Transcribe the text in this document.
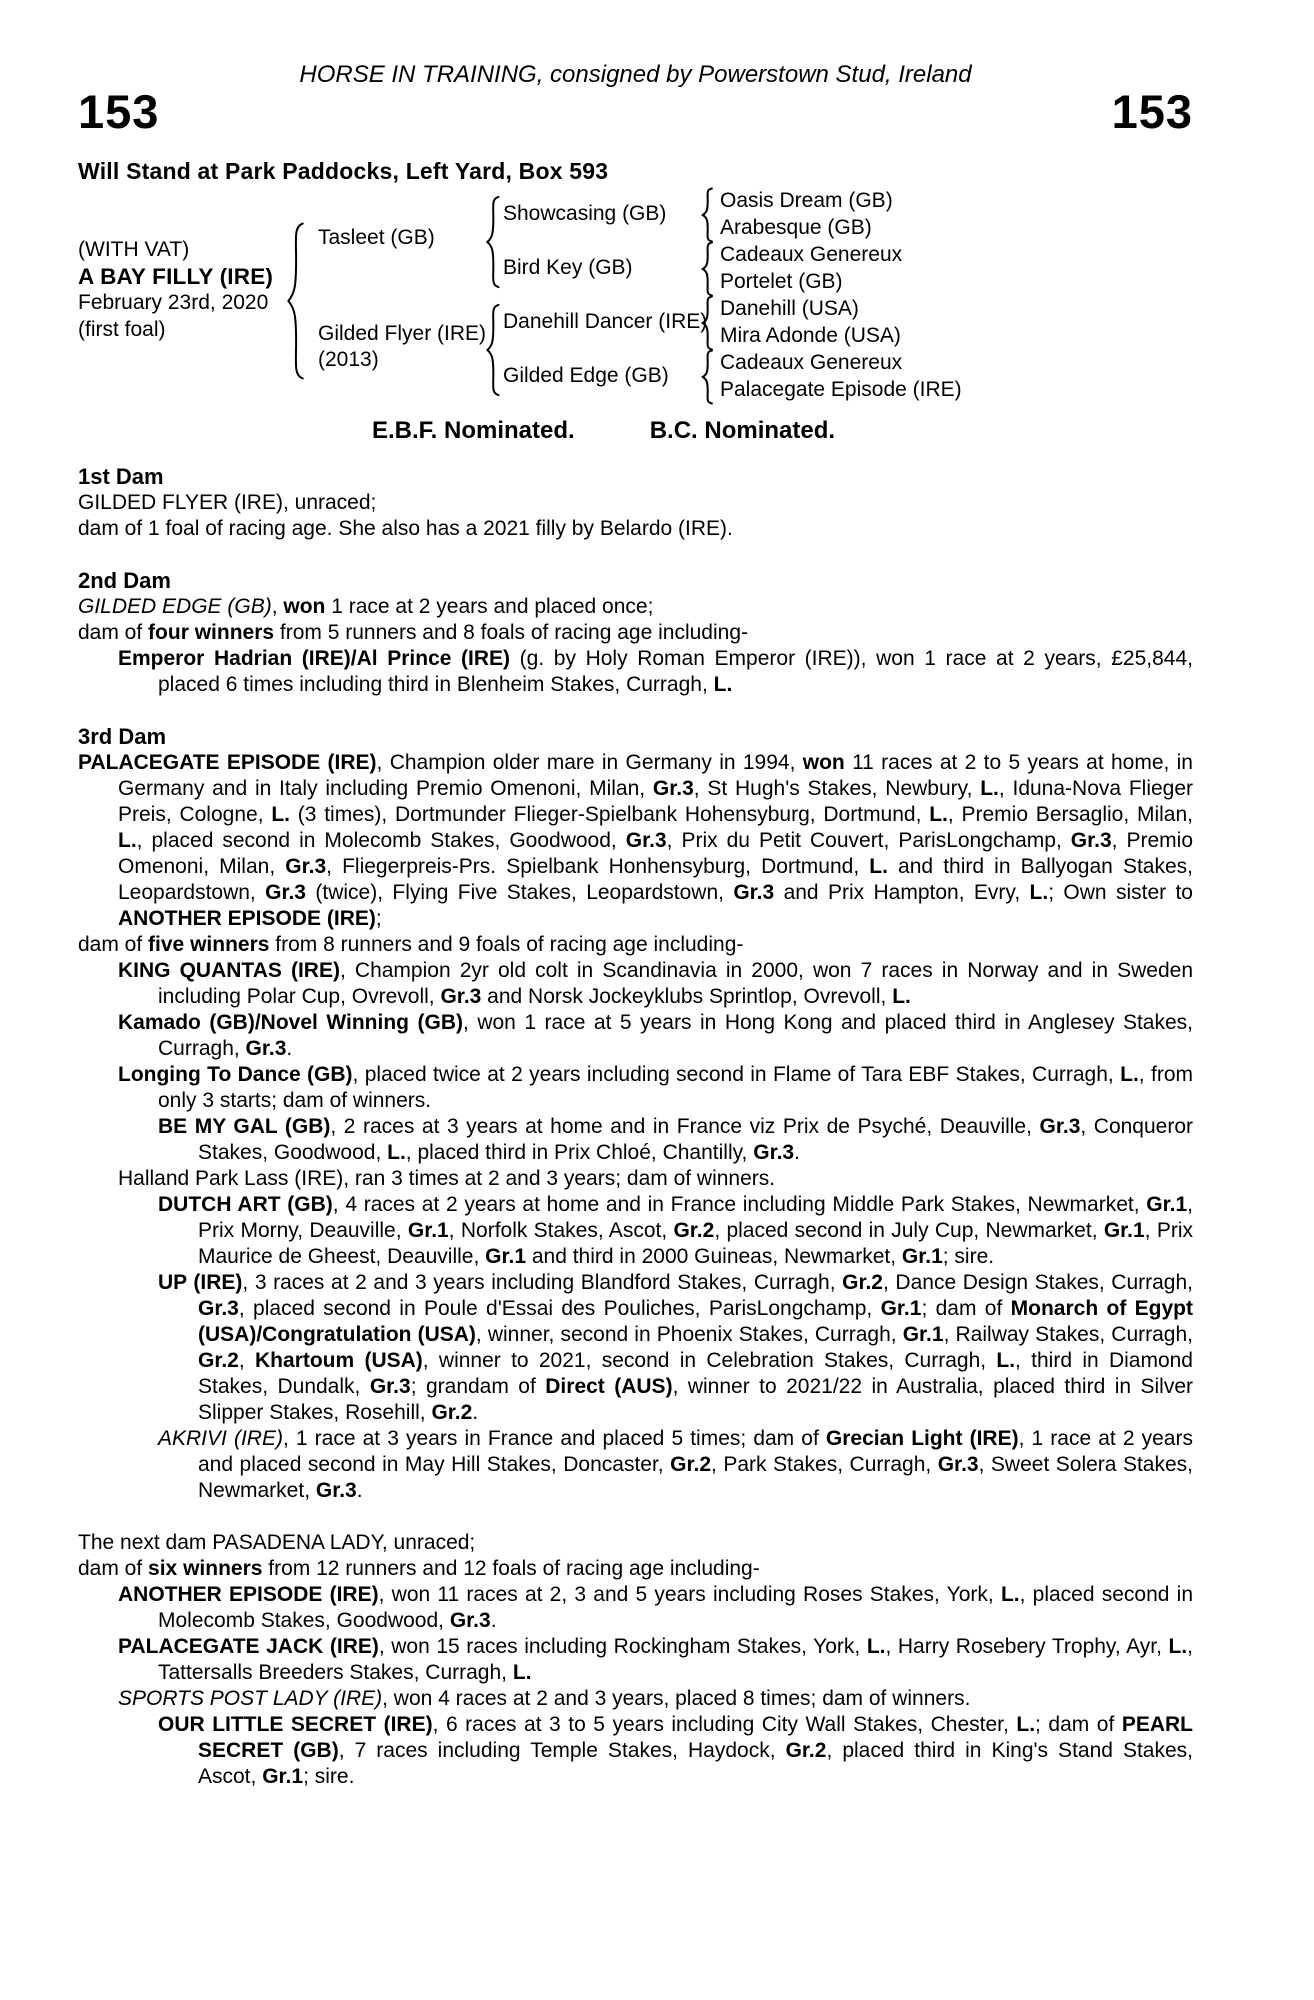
HORSE IN TRAINING, consigned by Powerstown Stud, Ireland
153	153
Will Stand at Park Paddocks, Left Yard, Box 593
(WITH VAT)
A BAY FILLY (IRE)
February 23rd, 2020
(first foal)
Tasleet (GB)
Gilded Flyer (IRE)
(2013)
Showcasing (GB)
Bird Key (GB)
Danehill Dancer (IRE)
Gilded Edge (GB)
Oasis Dream (GB)
Arabesque (GB)
Cadeaux Genereux
Portelet (GB)
Danehill (USA)
Mira Adonde (USA)
Cadeaux Genereux
Palacegate Episode (IRE)
E.B.F. Nominated.	B.C. Nominated.
1st Dam

GILDED FLYER (IRE), unraced;

dam of 1 foal of racing age. She also has a 2021 filly by Belardo (IRE).

2nd Dam

GILDED EDGE (GB), won 1 race at 2 years and placed once;

dam of four winners from 5 runners and 8 foals of racing age including-

Emperor Hadrian (IRE)/Al Prince (IRE) (g. by Holy Roman Emperor (IRE)), won 1 race at 2 years, £25,844, placed 6 times including third in Blenheim Stakes, Curragh, L.

3rd Dam

PALACEGATE EPISODE (IRE), Champion older mare in Germany in 1994, won 11 races at 2 to 5 years at home, in Germany and in Italy including Premio Omenoni, Milan, Gr.3, St Hugh's Stakes, Newbury, L., Iduna-Nova Flieger Preis, Cologne, L. (3 times), Dortmunder Flieger-Spielbank Hohensyburg, Dortmund, L., Premio Bersaglio, Milan, L., placed second in Molecomb Stakes, Goodwood, Gr.3, Prix du Petit Couvert, ParisLongchamp, Gr.3, Premio Omenoni, Milan, Gr.3, Fliegerpreis-Prs. Spielbank Honhensyburg, Dortmund, L. and third in Ballyogan Stakes, Leopardstown, Gr.3 (twice), Flying Five Stakes, Leopardstown, Gr.3 and Prix Hampton, Evry, L.; Own sister to ANOTHER EPISODE (IRE);

dam of five winners from 8 runners and 9 foals of racing age including-

KING QUANTAS (IRE), Champion 2yr old colt in Scandinavia in 2000, won 7 races in Norway and in Sweden including Polar Cup, Ovrevoll, Gr.3 and Norsk Jockeyklubs Sprintlop, Ovrevoll, L.

Kamado (GB)/Novel Winning (GB), won 1 race at 5 years in Hong Kong and placed third in Anglesey Stakes, Curragh, Gr.3.

Longing To Dance (GB), placed twice at 2 years including second in Flame of Tara EBF Stakes, Curragh, L., from only 3 starts; dam of winners.

BE MY GAL (GB), 2 races at 3 years at home and in France viz Prix de Psyché, Deauville, Gr.3, Conqueror Stakes, Goodwood, L., placed third in Prix Chloé, Chantilly, Gr.3.

Halland Park Lass (IRE), ran 3 times at 2 and 3 years; dam of winners.

DUTCH ART (GB), 4 races at 2 years at home and in France including Middle Park Stakes, Newmarket, Gr.1, Prix Morny, Deauville, Gr.1, Norfolk Stakes, Ascot, Gr.2, placed second in July Cup, Newmarket, Gr.1, Prix Maurice de Gheest, Deauville, Gr.1 and third in 2000 Guineas, Newmarket, Gr.1; sire.

UP (IRE), 3 races at 2 and 3 years including Blandford Stakes, Curragh, Gr.2, Dance Design Stakes, Curragh, Gr.3, placed second in Poule d'Essai des Pouliches, ParisLongchamp, Gr.1; dam of Monarch of Egypt (USA)/Congratulation (USA), winner, second in Phoenix Stakes, Curragh, Gr.1, Railway Stakes, Curragh, Gr.2, Khartoum (USA), winner to 2021, second in Celebration Stakes, Curragh, L., third in Diamond Stakes, Dundalk, Gr.3; grandam of Direct (AUS), winner to 2021/22 in Australia, placed third in Silver Slipper Stakes, Rosehill, Gr.2.

AKRIVI (IRE), 1 race at 3 years in France and placed 5 times; dam of Grecian Light (IRE), 1 race at 2 years and placed second in May Hill Stakes, Doncaster, Gr.2, Park Stakes, Curragh, Gr.3, Sweet Solera Stakes, Newmarket, Gr.3.

The next dam PASADENA LADY, unraced;

dam of six winners from 12 runners and 12 foals of racing age including-

ANOTHER EPISODE (IRE), won 11 races at 2, 3 and 5 years including Roses Stakes, York, L., placed second in Molecomb Stakes, Goodwood, Gr.3.

PALACEGATE JACK (IRE), won 15 races including Rockingham Stakes, York, L., Harry Rosebery Trophy, Ayr, L., Tattersalls Breeders Stakes, Curragh, L.

SPORTS POST LADY (IRE), won 4 races at 2 and 3 years, placed 8 times; dam of winners.

OUR LITTLE SECRET (IRE), 6 races at 3 to 5 years including City Wall Stakes, Chester, L.; dam of PEARL SECRET (GB), 7 races including Temple Stakes, Haydock, Gr.2, placed third in King's Stand Stakes, Ascot, Gr.1; sire.
